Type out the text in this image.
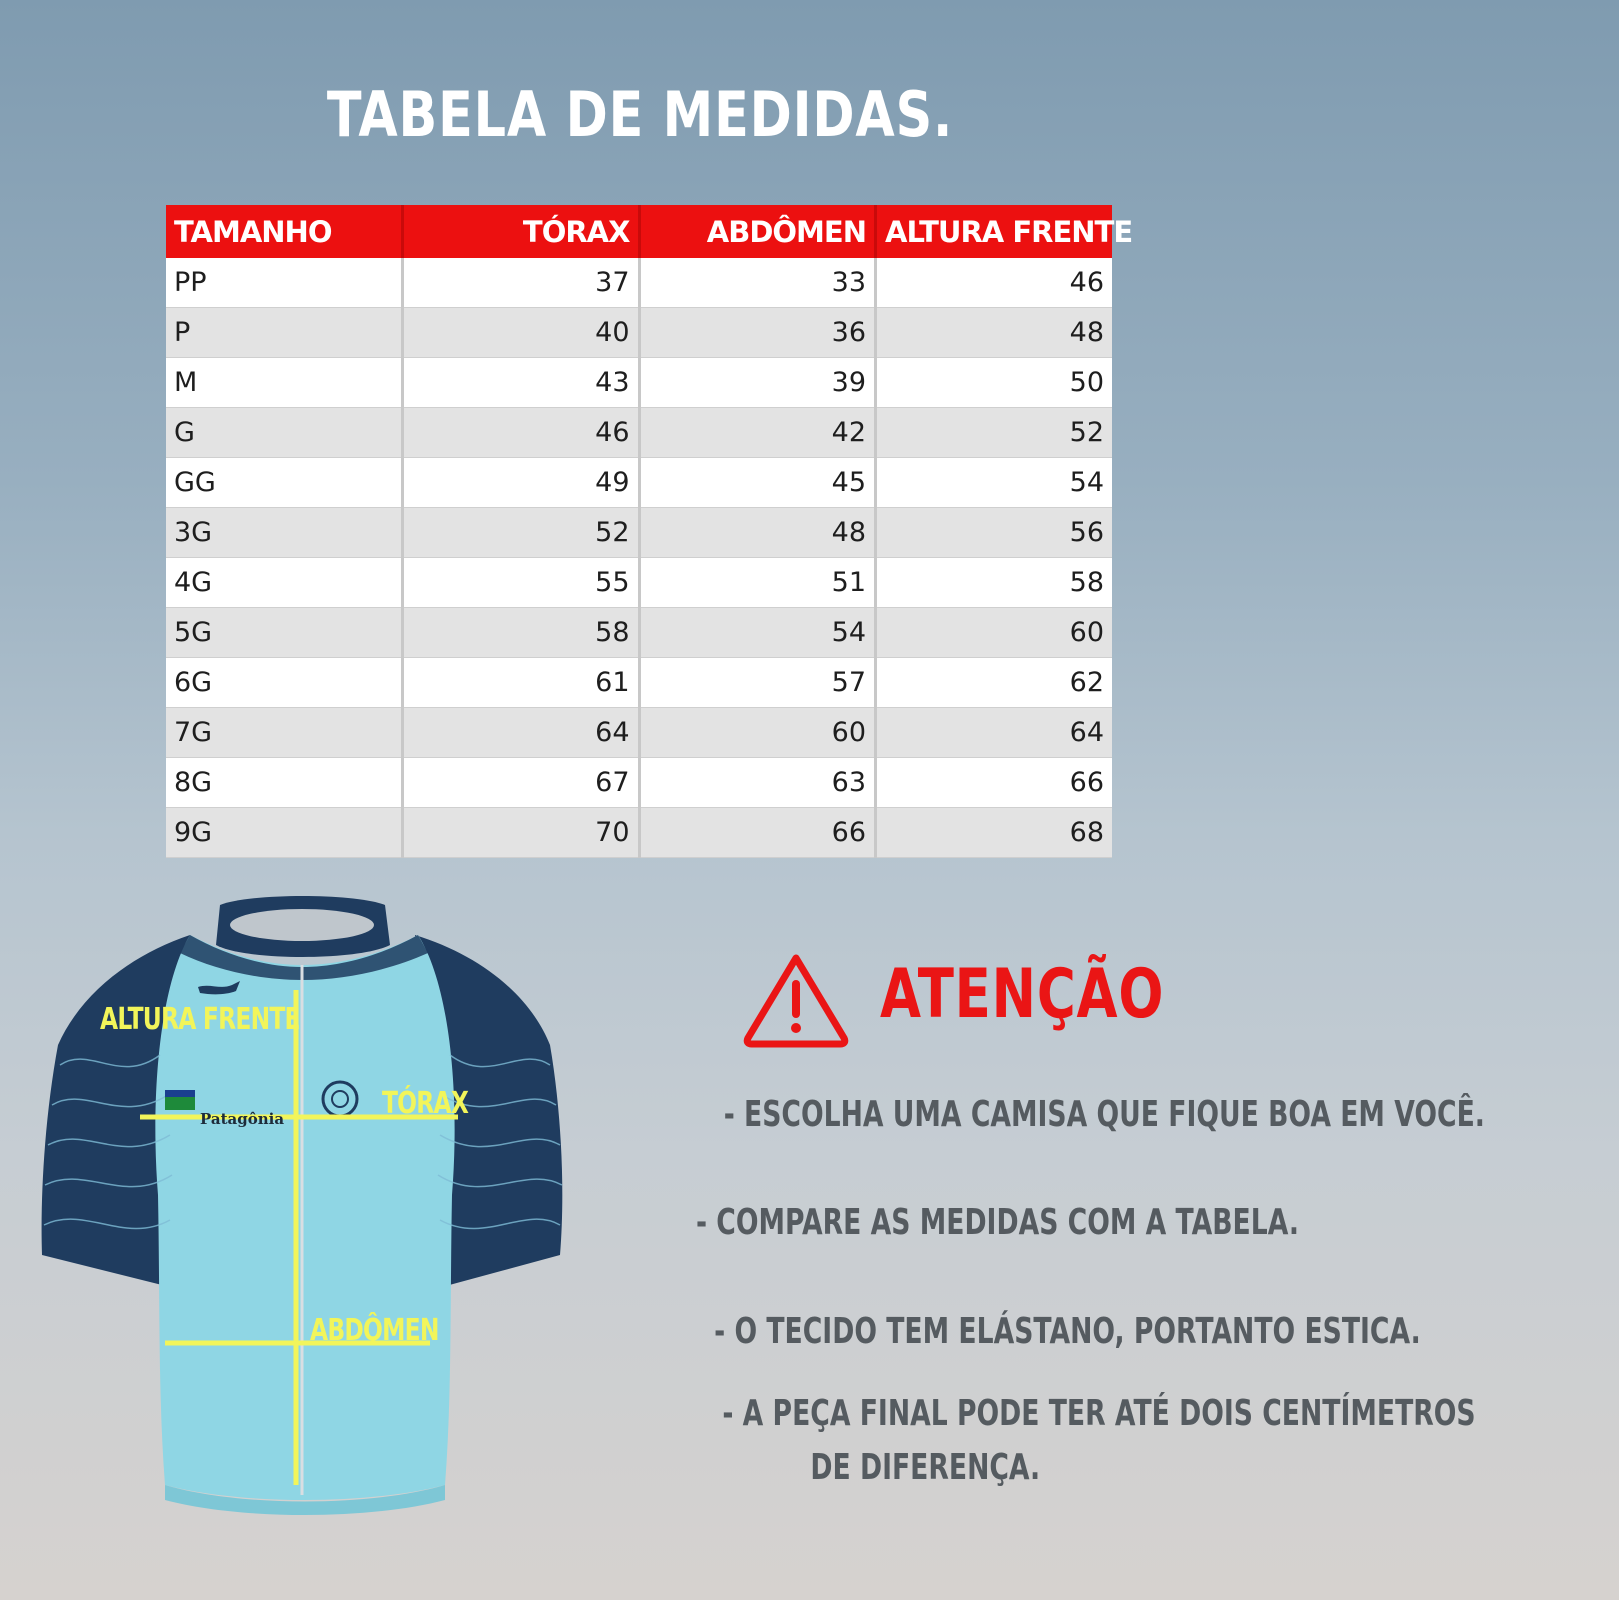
TABELA DE MEDIDAS.
TAMANHO	TÓRAX	ABDÔMEN	ALTURA FRENTE
PP	37	33	46
P	40	36	48
M	43	39	50
G	46	42	52
GG	49	45	54
3G	52	48	56
4G	55	51	58
5G	58	54	60
6G	61	57	62
7G	64	60	64
8G	67	63	66
9G	70	66	68
ALTURA FRENTE
TÓRAX
ABDÔMEN
Patagônia
ATENÇÃO
- ESCOLHA UMA CAMISA QUE FIQUE BOA EM VOCÊ.
- COMPARE AS MEDIDAS COM A TABELA.
- O TECIDO TEM ELÁSTANO, PORTANTO ESTICA.
- A PEÇA FINAL PODE TER ATÉ DOIS CENTÍMETROS
DE DIFERENÇA.
